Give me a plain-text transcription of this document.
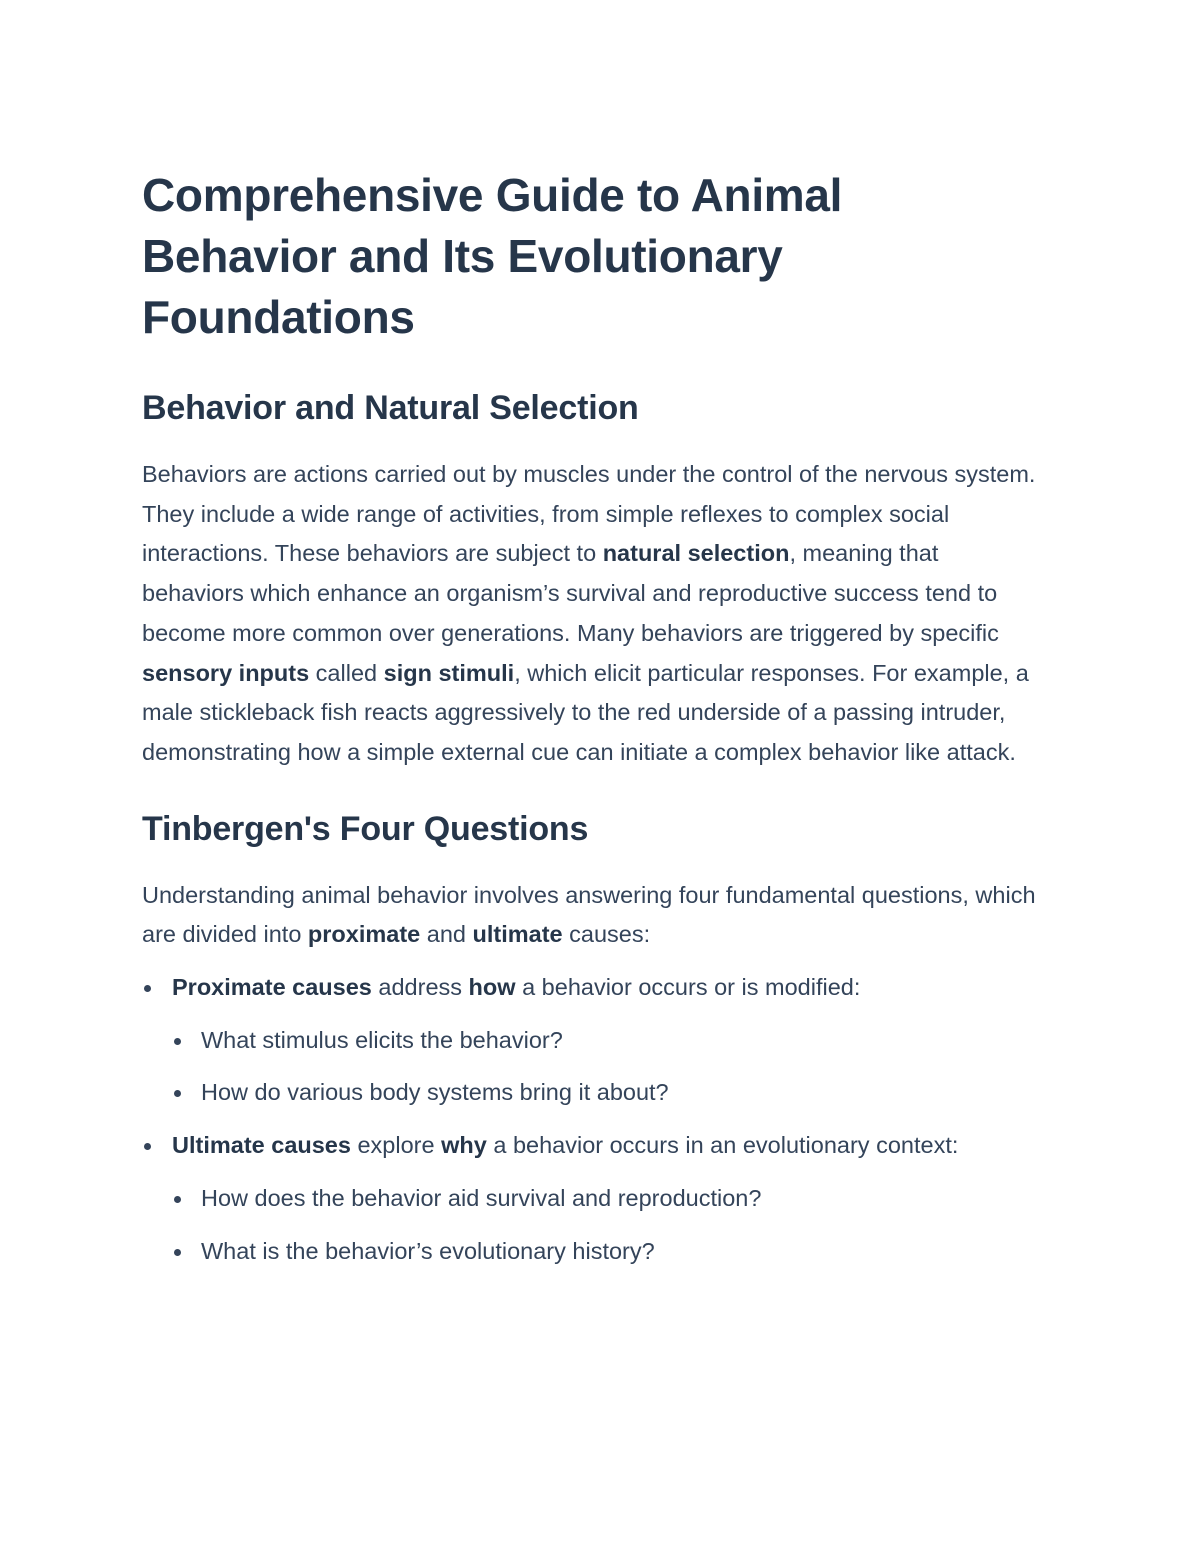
Comprehensive Guide to Animal Behavior and Its Evolutionary Foundations
Behavior and Natural Selection

Behaviors are actions carried out by muscles under the control of the nervous system. They include a wide range of activities, from simple reflexes to complex social interactions. These behaviors are subject to natural selection, meaning that behaviors which enhance an organism’s survival and reproductive success tend to become more common over generations. Many behaviors are triggered by specific sensory inputs called sign stimuli, which elicit particular responses. For example, a male stickleback fish reacts aggressively to the red underside of a passing intruder, demonstrating how a simple external cue can initiate a complex behavior like attack.

Tinbergen's Four Questions

Understanding animal behavior involves answering four fundamental questions, which are divided into proximate and ultimate causes:

Proximate causes address how a behavior occurs or is modified:
What stimulus elicits the behavior?
How do various body systems bring it about?
Ultimate causes explore why a behavior occurs in an evolutionary context:
How does the behavior aid survival and reproduction?
What is the behavior’s evolutionary history?
